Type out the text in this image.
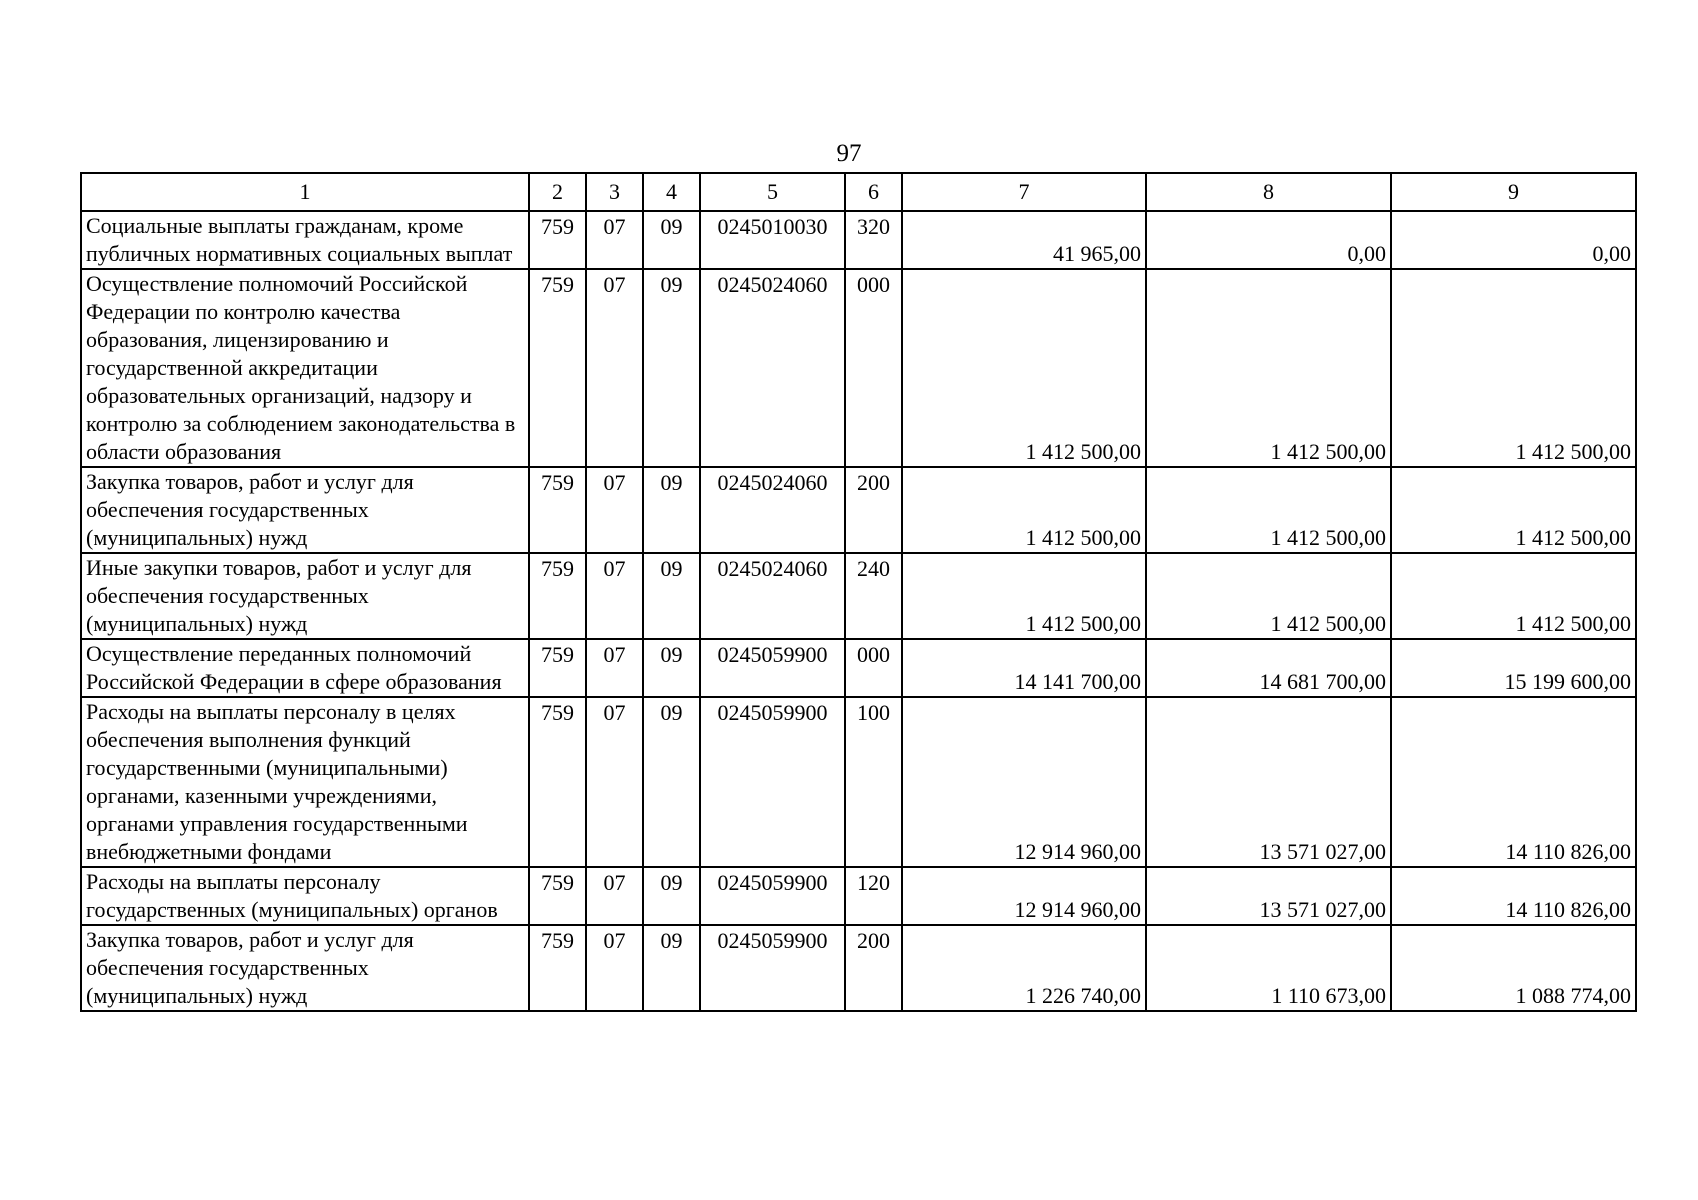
97
1	2	3	4	5	6	7	8	9
Социальные выплаты гражданам, кроме публичных нормативных социальных выплат	759	07	09	0245010030	320	41 965,00	0,00	0,00
Осуществление полномочий Российской Федерации по контролю качества образования, лицензированию и государственной аккредитации образовательных организаций, надзору и контролю за соблюдением законодательства в области образования	759	07	09	0245024060	000	1 412 500,00	1 412 500,00	1 412 500,00
Закупка товаров, работ и услуг для обеспечения государственных (муниципальных) нужд	759	07	09	0245024060	200	1 412 500,00	1 412 500,00	1 412 500,00
Иные закупки товаров, работ и услуг для обеспечения государственных (муниципальных) нужд	759	07	09	0245024060	240	1 412 500,00	1 412 500,00	1 412 500,00
Осуществление переданных полномочий Российской Федерации в сфере образования	759	07	09	0245059900	000	14 141 700,00	14 681 700,00	15 199 600,00
Расходы на выплаты персоналу в целях обеспечения выполнения функций государственными (муниципальными) органами, казенными учреждениями, органами управления государственными внебюджетными фондами	759	07	09	0245059900	100	12 914 960,00	13 571 027,00	14 110 826,00
Расходы на выплаты персоналу государственных (муниципальных) органов	759	07	09	0245059900	120	12 914 960,00	13 571 027,00	14 110 826,00
Закупка товаров, работ и услуг для обеспечения государственных (муниципальных) нужд	759	07	09	0245059900	200	1 226 740,00	1 110 673,00	1 088 774,00
